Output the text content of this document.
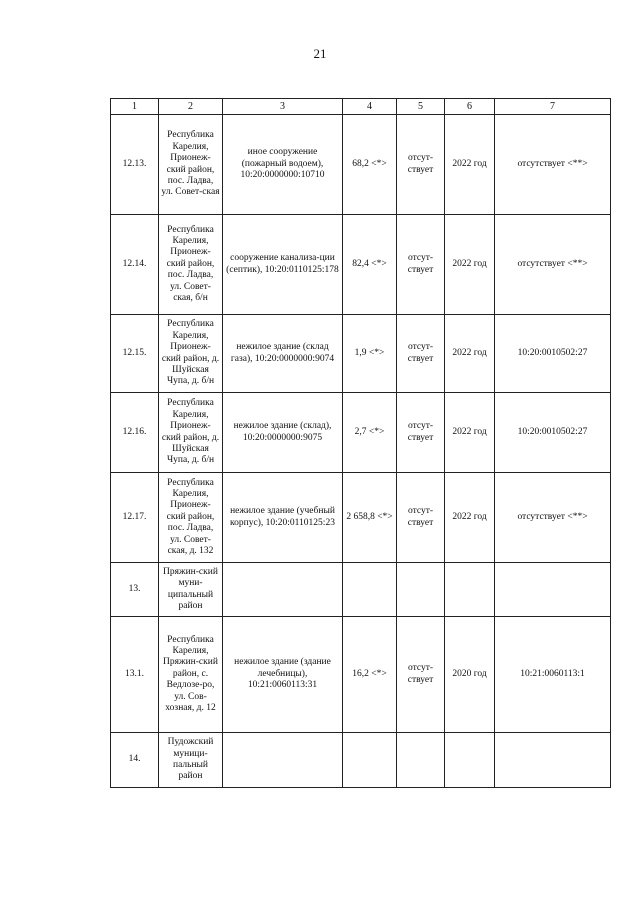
21
1	2	3	4	5	6	7
12.13.	Республика Карелия, Прионеж-ский район, пос. Ладва, ул. Совет-ская	иное сооружение (пожарный водоем), 10:20:0000000:10710	68,2 <*>	отсут-ствует	2022 год	отсутствует <**>
12.14.	Республика Карелия, Прионеж-ский район, пос. Ладва, ул. Совет-ская, б/н	сооружение канализа-ции (септик), 10:20:0110125:178	82,4 <*>	отсут-ствует	2022 год	отсутствует <**>
12.15.	Республика Карелия, Прионеж-ский район, д. Шуйская Чупа, д. б/н	нежилое здание (склад газа), 10:20:0000000:9074	1,9 <*>	отсут-ствует	2022 год	10:20:0010502:27
12.16.	Республика Карелия, Прионеж-ский район, д. Шуйская Чупа, д. б/н	нежилое здание (склад), 10:20:0000000:9075	2,7 <*>	отсут-ствует	2022 год	10:20:0010502:27
12.17.	Республика Карелия, Прионеж-ский район, пос. Ладва, ул. Совет-ская, д. 132	нежилое здание (учебный корпус), 10:20:0110125:23	2 658,8 <*>	отсут-ствует	2022 год	отсутствует <**>
13.	Пряжин-ский муни-ципальный район					
13.1.	Республика Карелия, Пряжин-ский район, с. Ведлозе-ро, ул. Сов-хозная, д. 12	нежилое здание (здание лечебницы), 10:21:0060113:31	16,2 <*>	отсут-ствует	2020 год	10:21:0060113:1
14.	Пудожский муници-пальный район					
